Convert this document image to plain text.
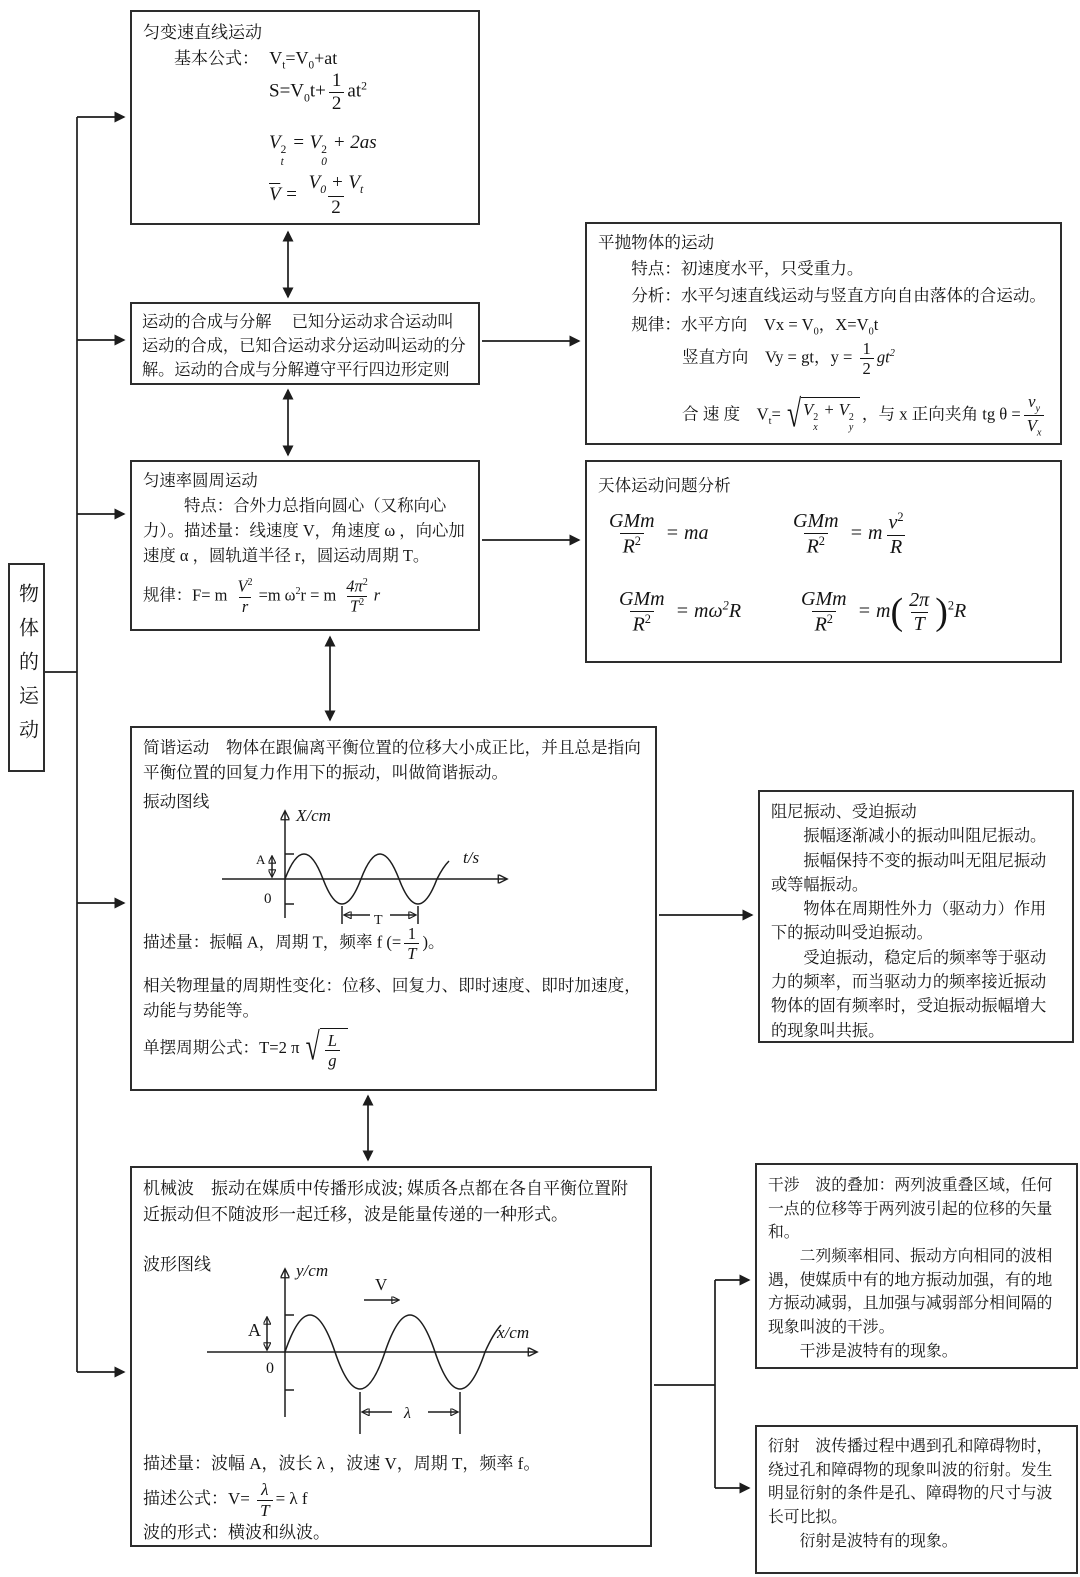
物体的运动

匀变速直线运动

基本公式： $V_t=V_0+at$
$S=V_0t+ \frac{1}{2} at^2$
V 2
t
= V 2
0
+ 2as
$\overline{V} = \frac{V_0 + V_t}{2}$

运动的合成与分解　 已知分运动求合运动叫运动的合成，已知合运动求分运动叫运动的分解。运动的合成与分解遵守平行四边形定则

匀速率圆周运动

特点：合外力总指向圆心（又称向心力）。 描述量：线速度 V，角速度 ω ，向心加速度 α ，圆轨道半径 r，圆运动周期 T。

规律：F= m $\frac{V^2}{r} =m$ $\omega^2r = m \frac{4\pi^2}{T^2}$ r

简谐运动　物体在跟偏离平衡位置的位移大小成正比，并且总是指向平衡位置的回复力作用下的振动，叫做简谐振动。

振动图线

X/cm
t/s
A
0
T
描述量：振幅 A，周期 T，频率 f (= $\frac{1}{T}$ )。

相关物理量的周期性变化：位移、回复力、即时速度、即时加速度，动能与势能等。

单摆周期公式：T=2 π √ $\frac{L}{g}$

机械波　振动在媒质中传播形成波; 媒质各点都在各自平衡位置附近振动但不随波形一起迁移，波是能量传递的一种形式。

波形图线	y/cm
x/cm
V
A
0
λ

描述量：波幅 A，波长 λ ，波速 V，周期 T，频率 f。

描述公式：$V= \frac{\lambda}{T} = \lambda$ f

波的形式：横波和纵波。

平抛物体的运动

特点：初速度水平，只受重力。

分析：水平匀速直线运动与竖直方向自由落体的合运动。

规律：水平方向　$Vx = V_0$，$X=V_0t$
竖直方向　Vy = gt，$y = \frac{1}{2} gt^2$
合 速 度　$V_t=$ √ V 2
x
+ V 2
y
，与 x 正向夹角 tg $\theta = \frac{v_y}{V_x}$

天体运动问题分析

$\frac{\text{GMm}}{R^2}$ = ma	$\frac{\text{GMm}}{R^2} = m \frac{v^2}{R}$
$\frac{\text{GMm}}{R^2} = m\omega^2R$	$\frac{\text{GMm}}{R^2} = m( \frac{2\pi}{T} )^2R$

阻尼振动、受迫振动

振幅逐渐减小的振动叫阻尼振动。

振幅保持不变的振动叫无阻尼振动或等幅振动。

物体在周期性外力（驱动力）作用下的振动叫受迫振动。

受迫振动，稳定后的频率等于驱动力的频率，而当驱动力的频率接近振动物体的固有频率时，受迫振动振幅增大的现象叫共振。

干涉　波的叠加：两列波重叠区域，任何一点的位移等于两列波引起的位移的矢量和。

二列频率相同、振动方向相同的波相遇，使媒质中有的地方振动加强，有的地方振动减弱，且加强与减弱部分相间隔的现象叫波的干涉。

干涉是波特有的现象。

衍射　波传播过程中遇到孔和障碍物时，绕过孔和障碍物的现象叫波的衍射。发生明显衍射的条件是孔、障碍物的尺寸与波长可比拟。

衍射是波特有的现象。
